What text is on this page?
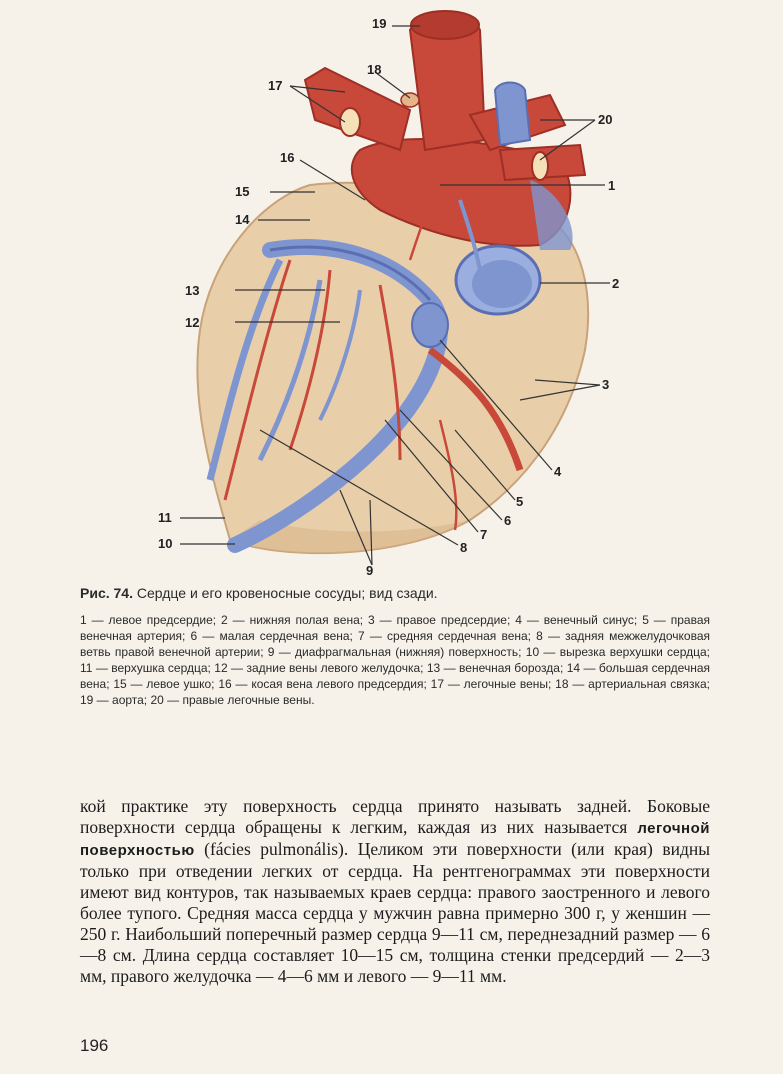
19
18
17
16
15
14
13
12
20
1
2
3
4
5
6
7
8
9
11
10
Рис. 74. Сердце и его кровеносные сосуды; вид сзади.
1 — левое предсердие; 2 — нижняя полая вена; 3 — правое предсердие; 4 — венечный синус; 5 — правая венечная артерия; 6 — малая сердечная вена; 7 — средняя сердечная вена; 8 — задняя межжелудочковая ветвь правой венечной артерии; 9 — диафрагмальная (нижняя) поверхность; 10 — вырезка верхушки сердца; 11 — верхушка сердца; 12 — задние вены левого желудочка; 13 — венечная борозда; 14 — большая сердечная вена; 15 — левое ушко; 16 — косая вена левого предсердия; 17 — легочные вены; 18 — артериальная связка; 19 — аорта; 20 — правые легочные вены.
кой практике эту поверхность сердца принято называть задней. Боковые поверхности сердца обращены к легким, каждая из них называется легочной поверхностью (fácies pulmonális). Целиком эти поверхности (или края) видны только при отведении легких от сердца. На рентгенограммах эти поверхности имеют вид контуров, так называемых краев сердца: правого заостренного и левого более тупого. Средняя масса сердца у мужчин равна примерно 300 г, у женшин — 250 г. Наибольший поперечный размер сердца 9—11 см, переднезадний размер — 6—8 см. Длина сердца составляет 10—15 см, толщина стенки предсердий — 2—3 мм, правого желудочка — 4—6 мм и левого — 9—11 мм.
196
